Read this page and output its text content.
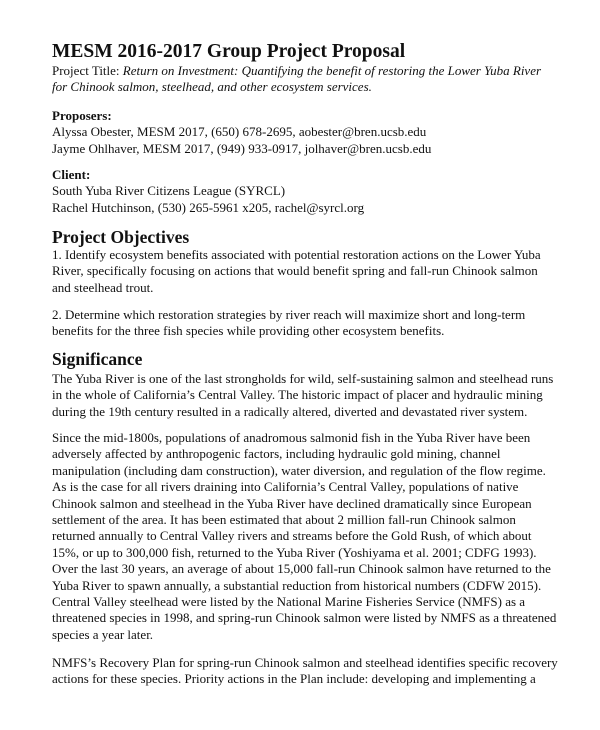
MESM 2016-2017 Group Project Proposal
Project Title: Return on Investment: Quantifying the benefit of restoring the Lower Yuba River
for Chinook salmon, steelhead, and other ecosystem services.
Proposers:
Alyssa Obester, MESM 2017, (650) 678-2695, aobester@bren.ucsb.edu
Jayme Ohlhaver, MESM 2017, (949) 933-0917, jolhaver@bren.ucsb.edu
Client:
South Yuba River Citizens League (SYRCL)
Rachel Hutchinson, (530) 265-5961 x205, rachel@syrcl.org
Project Objectives
1. Identify ecosystem benefits associated with potential restoration actions on the Lower Yuba
River, specifically focusing on actions that would benefit spring and fall-run Chinook salmon
and steelhead trout.
2. Determine which restoration strategies by river reach will maximize short and long-term
benefits for the three fish species while providing other ecosystem benefits.
Significance
The Yuba River is one of the last strongholds for wild, self-sustaining salmon and steelhead runs
in the whole of California’s Central Valley. The historic impact of placer and hydraulic mining
during the 19th century resulted in a radically altered, diverted and devastated river system.
Since the mid-1800s, populations of anadromous salmonid fish in the Yuba River have been
adversely affected by anthropogenic factors, including hydraulic gold mining, channel
manipulation (including dam construction), water diversion, and regulation of the flow regime.
As is the case for all rivers draining into California’s Central Valley, populations of native
Chinook salmon and steelhead in the Yuba River have declined dramatically since European
settlement of the area. It has been estimated that about 2 million fall-run Chinook salmon
returned annually to Central Valley rivers and streams before the Gold Rush, of which about
15%, or up to 300,000 fish, returned to the Yuba River (Yoshiyama et al. 2001; CDFG 1993).
Over the last 30 years, an average of about 15,000 fall-run Chinook salmon have returned to the
Yuba River to spawn annually, a substantial reduction from historical numbers (CDFW 2015).
Central Valley steelhead were listed by the National Marine Fisheries Service (NMFS) as a
threatened species in 1998, and spring-run Chinook salmon were listed by NMFS as a threatened
species a year later.
NMFS’s Recovery Plan for spring-run Chinook salmon and steelhead identifies specific recovery
actions for these species. Priority actions in the Plan include: developing and implementing a
